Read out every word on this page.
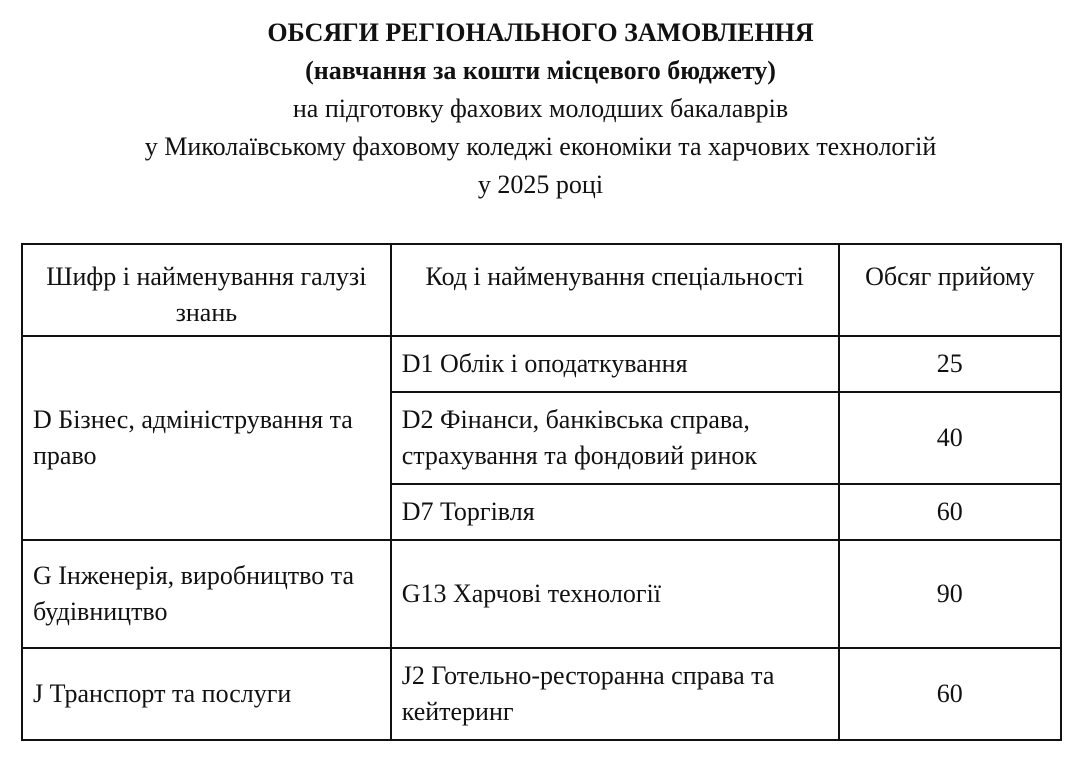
ОБСЯГИ РЕГІОНАЛЬНОГО ЗАМОВЛЕННЯ
(навчання за кошти місцевого бюджету)
на підготовку фахових молодших бакалаврів
у Миколаївському фаховому коледжі економіки та харчових технологій
у 2025 році
Шифр і найменування галузі знань	Код і найменування спеціальності	Обсяг прийому
D Бізнес, адміністрування та право	D1 Облік і оподаткування	25
	D2 Фінанси, банківська справа, страхування та фондовий ринок	40
	D7 Торгівля	60
G Інженерія, виробництво та будівництво	G13 Харчові технології	90
J Транспорт та послуги	J2 Готельно-ресторанна справа та кейтеринг	60
